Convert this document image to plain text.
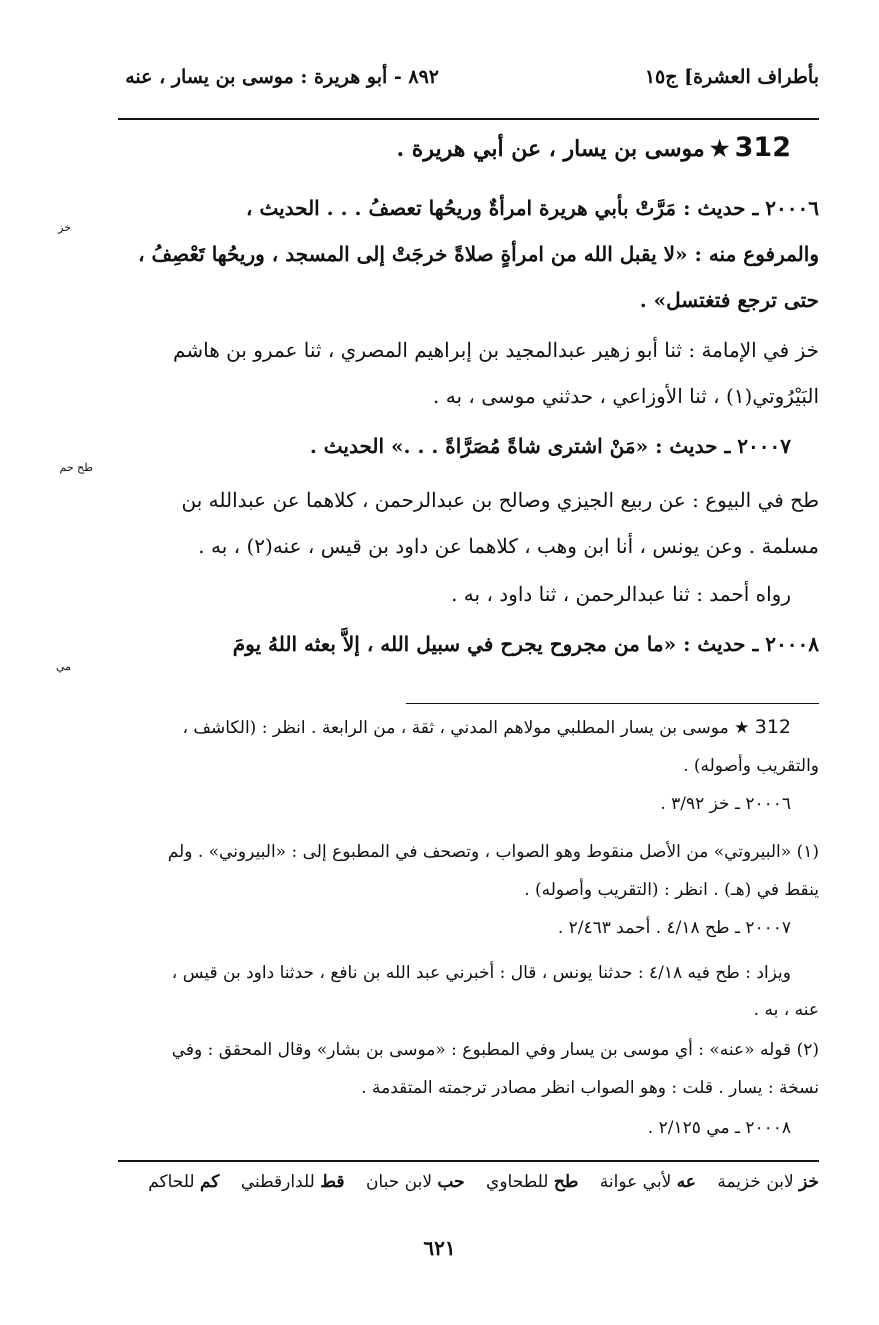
بأطراف العشرة] ج١٥
٨٩٢ - أبو هريرة : موسى بن يسار ، عنه
312 ★ موسى بن يسار ، عن أبي هريرة .
٢٠٠٠٦ ـ حديث : مَرَّتْ بأبي هريرة امرأةٌ وريحُها تعصفُ . . . الحديث ،
خز
والمرفوع منه : «لا يقبل الله من امرأةٍ صلاةً خرجَتْ إلى المسجد ، وريحُها تَعْصِفُ ،
حتى ترجع فتغتسل» .
خز في الإمامة : ثنا أبو زهير عبدالمجيد بن إبراهيم المصري ، ثنا عمرو بن هاشم
البَيْرُوتي(١) ، ثنا الأوزاعي ، حدثني موسى ، به .
٢٠٠٠٧ ـ حديث : «مَنْ اشترى شاةً مُصَرَّاةً . . .» الحديث .
طح حم
طح في البيوع : عن ربيع الجيزي وصالح بن عبدالرحمن ، كلاهما عن عبدالله بن
مسلمة . وعن يونس ، أنا ابن وهب ، كلاهما عن داود بن قيس ، عنه(٢) ، به .
رواه أحمد : ثنا عبدالرحمن ، ثنا داود ، به .
٢٠٠٠٨ ـ حديث : «ما من مجروح يجرح في سبيل الله ، إلاَّ بعثه اللهُ يومَ
مي
312 ★ موسى بن يسار المطلبي مولاهم المدني ، ثقة ، من الرابعة . انظر : (الكاشف ،
والتقريب وأصوله) .
٢٠٠٠٦ ـ خز ٣/٩٢ .
(١) «البيروتي» من الأصل منقوط وهو الصواب ، وتصحف في المطبوع إلى : «البيروني» . ولم
ينقط في (هـ) . انظر : (التقريب وأصوله) .
٢٠٠٠٧ ـ طح ٤/١٨ . أحمد ٢/٤٦٣ .
ويزاد : طح فيه ٤/١٨ : حدثنا يونس ، قال : أخبرني عبد الله بن نافع ، حدثنا داود بن قيس ،
عنه ، به .
(٢) قوله «عنه» : أي موسى بن يسار وفي المطبوع : «موسى بن بشار» وقال المحقق : وفي
نسخة : يسار . قلت : وهو الصواب انظر مصادر ترجمته المتقدمة .
٢٠٠٠٨ ـ مي ٢/١٢٥ .
خز لابن خزيمة عه لأبي عوانة طح للطحاوي حب لابن حبان قط للدارقطني كم للحاكم
٦٢١
